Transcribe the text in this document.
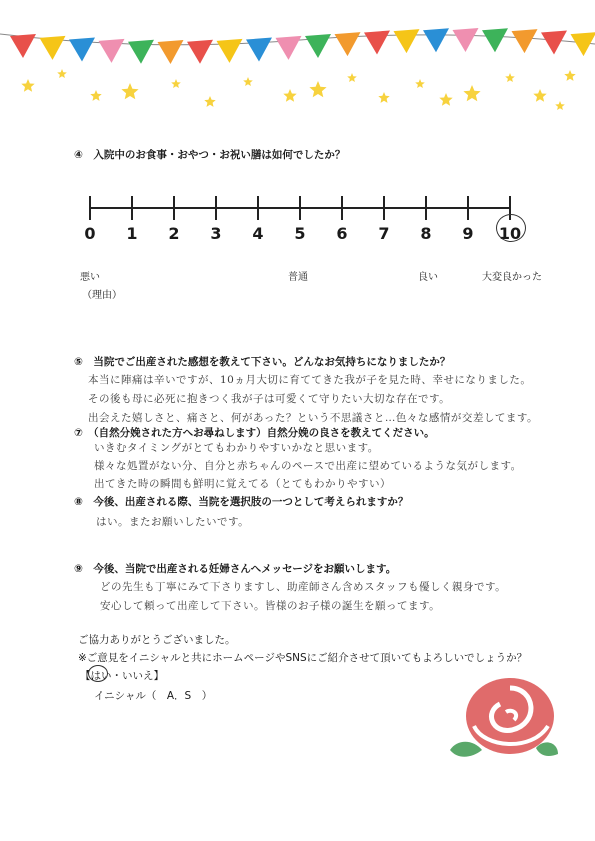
④　入院中のお食事・おやつ・お祝い膳は如何でしたか？
0 1 2 3 4 5 6 7 8 9 10
悪い	普通	良い	大変良かった
（理由）
⑤　当院でご出産された感想を教えて下さい。どんなお気持ちになりましたか？
本当に陣痛は辛いですが、10ヵ月大切に育ててきた我が子を見た時、幸せになりました。
その後も母に必死に抱きつく我が子は可愛くて守りたい大切な存在です。
出会えた嬉しさと、痛さと、何があった？という不思議さと…色々な感情が交差してます。
⑦　（自然分娩された方へお尋ねします）自然分娩の良さを教えてください。
いきむタイミングがとてもわかりやすいかなと思います。
様々な処置がない分、自分と赤ちゃんのペースで出産に望めているような気がします。
出てきた時の瞬間も鮮明に覚えてる（とてもわかりやすい）
⑧　今後、出産される際、当院を選択肢の一つとして考えられますか？
はい。またお願いしたいです。
⑨　今後、当院で出産される妊婦さんへメッセージをお願いします。
どの先生も丁寧にみて下さりますし、助産師さん含めスタッフも優しく親身です。
安心して頼って出産して下さい。皆様のお子様の誕生を願ってます。
ご協力ありがとうございました。
※ご意見をイニシャルと共にホームページやSNSにご紹介させて頂いてもよろしいでしょうか？
【はい・いいえ】
イニシャル（　A．S　）
